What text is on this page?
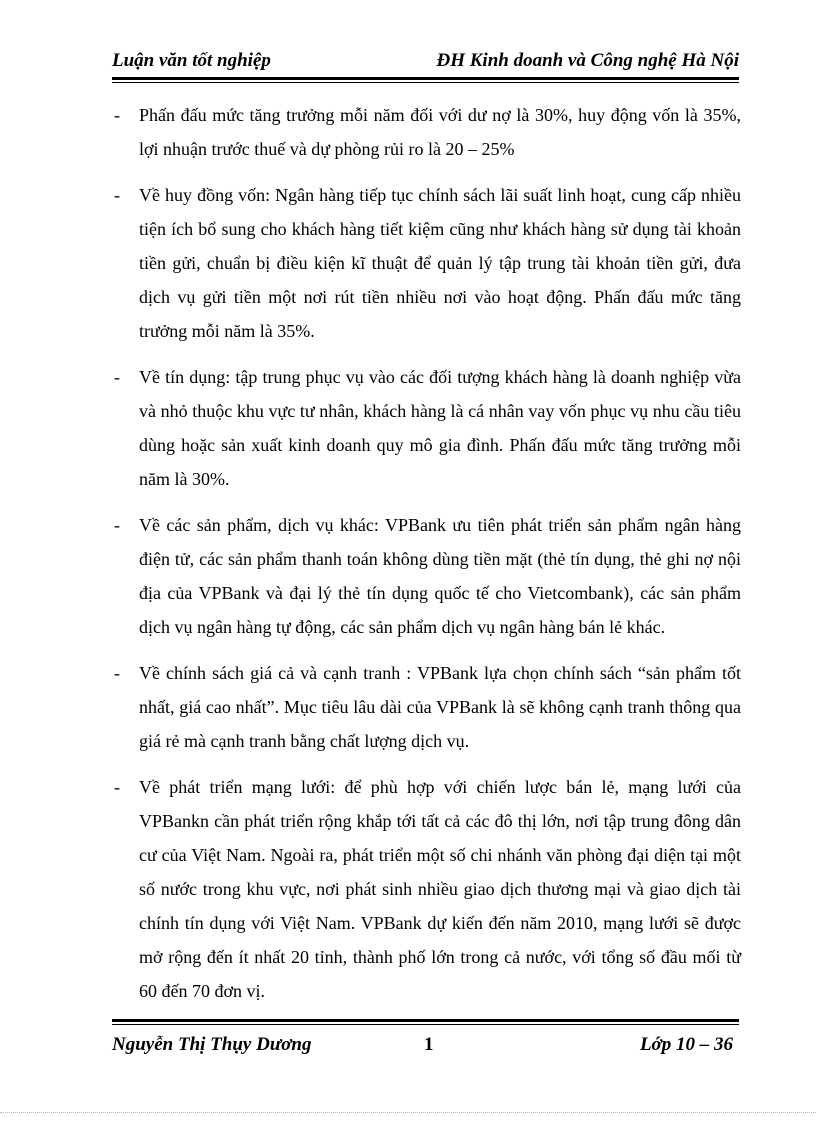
Luận văn tốt nghiệp	ĐH Kinh doanh và Công nghệ Hà Nội
- Phấn đấu mức tăng trưởng mỗi năm đối với dư nợ là 30%, huy động vốn là 35%, lợi nhuận trước thuế và dự phòng rủi ro là 20 – 25%
- Về huy đồng vốn: Ngân hàng tiếp tục chính sách lãi suất linh hoạt, cung cấp nhiều tiện ích bổ sung cho khách hàng tiết kiệm cũng như khách hàng sử dụng tài khoản tiền gửi, chuẩn bị điều kiện kĩ thuật để quản lý tập trung tài khoản tiền gửi, đưa dịch vụ gửi tiền một nơi rút tiền nhiều nơi vào hoạt động. Phấn đấu mức tăng trưởng mỗi năm là 35%.
- Về tín dụng: tập trung phục vụ vào các đối tượng khách hàng là doanh nghiệp vừa và nhỏ thuộc khu vực tư nhân, khách hàng là cá nhân vay vốn phục vụ nhu cầu tiêu dùng hoặc sản xuất kinh doanh quy mô gia đình. Phấn đấu mức tăng trưởng mỗi năm là 30%.
- Về các sản phẩm, dịch vụ khác: VPBank ưu tiên phát triển sản phẩm ngân hàng điện tử, các sản phẩm thanh toán không dùng tiền mặt (thẻ tín dụng, thẻ ghi nợ nội địa của VPBank và đại lý thẻ tín dụng quốc tế cho Vietcombank), các sản phẩm dịch vụ ngân hàng tự động, các sản phẩm dịch vụ ngân hàng bán lẻ khác.
- Về chính sách giá cả và cạnh tranh : VPBank lựa chọn chính sách “sản phẩm tốt nhất, giá cao nhất”. Mục tiêu lâu dài của VPBank là sẽ không cạnh tranh thông qua giá rẻ mà cạnh tranh bằng chất lượng dịch vụ.
- Về phát triển mạng lưới: để phù hợp với chiến lược bán lẻ, mạng lưới của VPBankn cần phát triển rộng khắp tới tất cả các đô thị lớn, nơi tập trung đông dân cư của Việt Nam. Ngoài ra, phát triển một số chi nhánh văn phòng đại diện tại một số nước trong khu vực, nơi phát sinh nhiều giao dịch thương mại và giao dịch tài chính tín dụng với Việt Nam. VPBank dự kiến đến năm 2010, mạng lưới sẽ được mở rộng đến ít nhất 20 tỉnh, thành phố lớn trong cả nước, với tổng số đầu mối từ 60 đến 70 đơn vị.
Nguyễn Thị Thụy Dương	1	Lớp 10 – 36
